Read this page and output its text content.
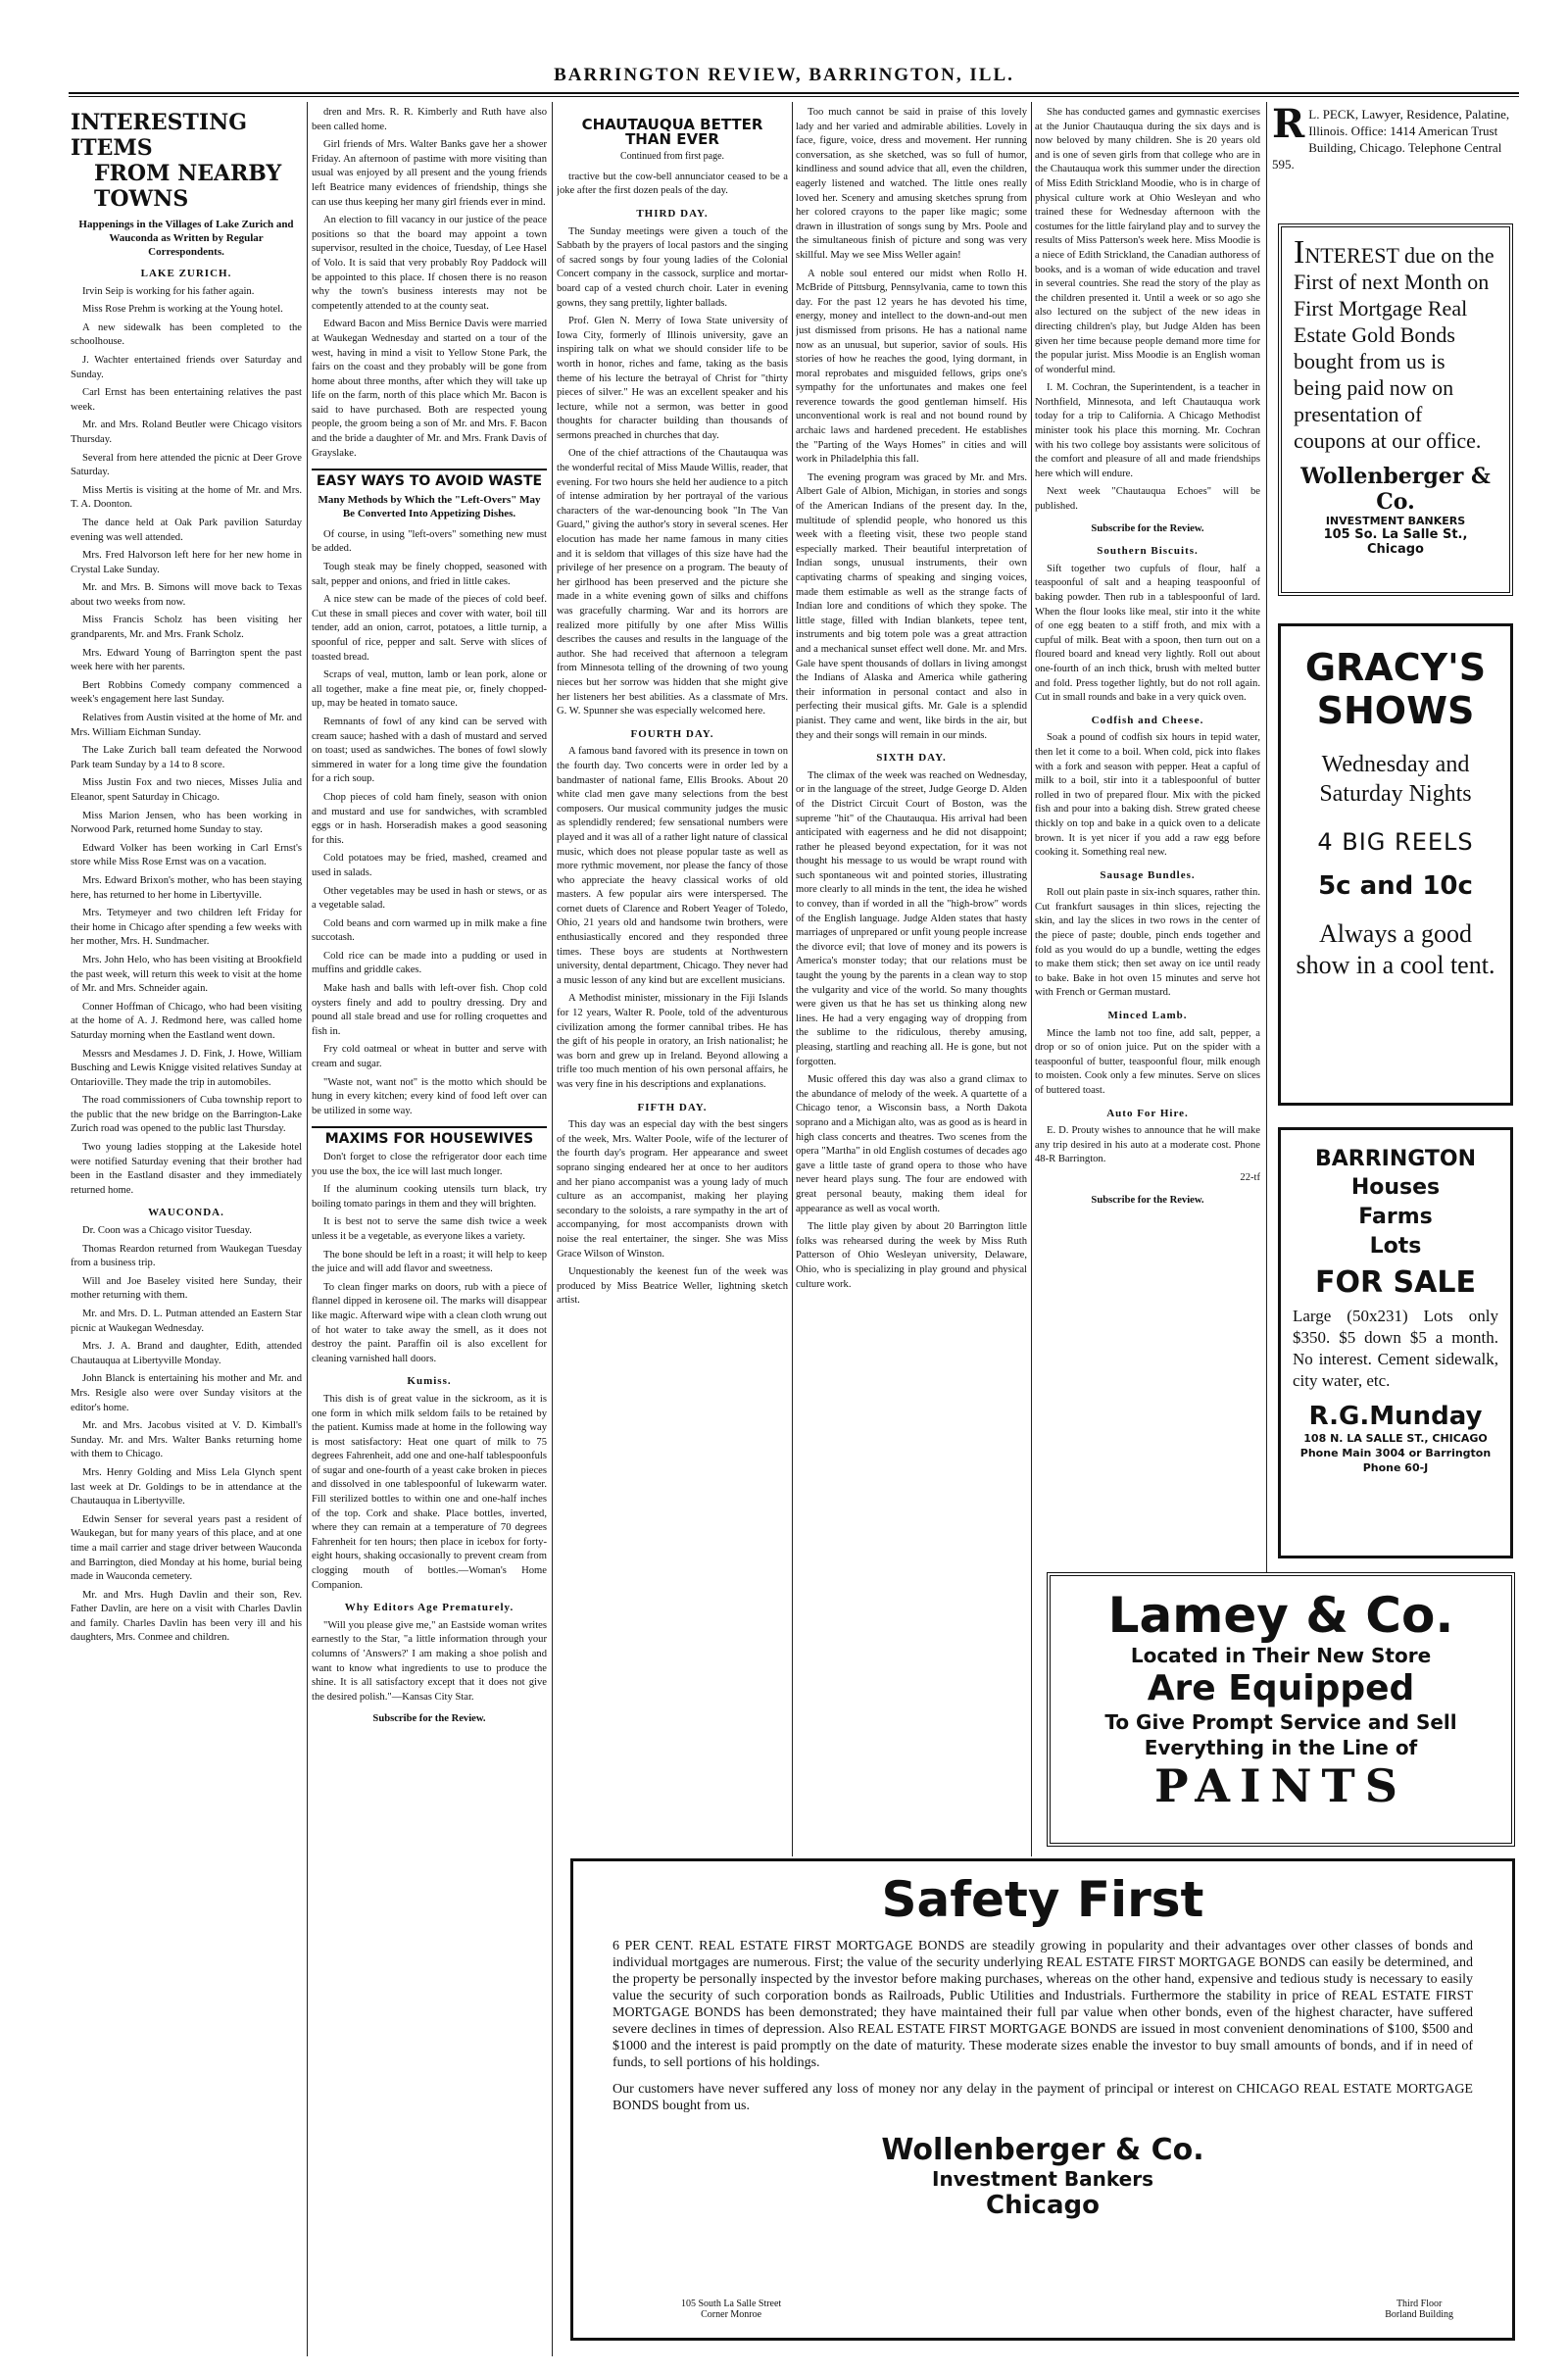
BARRINGTON REVIEW, BARRINGTON, ILL.
INTERESTING ITEMS
FROM NEARBY TOWNS
Happenings in the Villages of Lake Zurich and Wauconda as Written by Regular Correspondents.
LAKE ZURICH.

Irvin Seip is working for his father again.

Miss Rose Prehm is working at the Young hotel.

A new sidewalk has been completed to the schoolhouse.

J. Wachter entertained friends over Saturday and Sunday.

Carl Ernst has been entertaining relatives the past week.

Mr. and Mrs. Roland Beutler were Chicago visitors Thursday.

Several from here attended the picnic at Deer Grove Saturday.

Miss Mertis is visiting at the home of Mr. and Mrs. T. A. Doonton.

The dance held at Oak Park pavilion Saturday evening was well attended.

Mrs. Fred Halvorson left here for her new home in Crystal Lake Sunday.

Mr. and Mrs. B. Simons will move back to Texas about two weeks from now.

Miss Francis Scholz has been visiting her grandparents, Mr. and Mrs. Frank Scholz.

Mrs. Edward Young of Barrington spent the past week here with her parents.

Bert Robbins Comedy company commenced a week's engagement here last Sunday.

Relatives from Austin visited at the home of Mr. and Mrs. William Eichman Sunday.

The Lake Zurich ball team defeated the Norwood Park team Sunday by a 14 to 8 score.

Miss Justin Fox and two nieces, Misses Julia and Eleanor, spent Saturday in Chicago.

Miss Marion Jensen, who has been working in Norwood Park, returned home Sunday to stay.

Edward Volker has been working in Carl Ernst's store while Miss Rose Ernst was on a vacation.

Mrs. Edward Brixon's mother, who has been staying here, has returned to her home in Libertyville.

Mrs. Tetymeyer and two children left Friday for their home in Chicago after spending a few weeks with her mother, Mrs. H. Sundmacher.

Mrs. John Helo, who has been visiting at Brookfield the past week, will return this week to visit at the home of Mr. and Mrs. Schneider again.

Conner Hoffman of Chicago, who had been visiting at the home of A. J. Redmond here, was called home Saturday morning when the Eastland went down.

Messrs and Mesdames J. D. Fink, J. Howe, William Busching and Lewis Knigge visited relatives Sunday at Ontarioville. They made the trip in automobiles.

The road commissioners of Cuba township report to the public that the new bridge on the Barrington-Lake Zurich road was opened to the public last Thursday.

Two young ladies stopping at the Lakeside hotel were notified Saturday evening that their brother had been in the Eastland disaster and they immediately returned home.

WAUCONDA.

Dr. Coon was a Chicago visitor Tuesday.

Thomas Reardon returned from Waukegan Tuesday from a business trip.

Will and Joe Baseley visited here Sunday, their mother returning with them.

Mr. and Mrs. D. L. Putman attended an Eastern Star picnic at Waukegan Wednesday.

Mrs. J. A. Brand and daughter, Edith, attended Chautauqua at Libertyville Monday.

John Blanck is entertaining his mother and Mr. and Mrs. Resigle also were over Sunday visitors at the editor's home.

Mr. and Mrs. Jacobus visited at V. D. Kimball's Sunday. Mr. and Mrs. Walter Banks returning home with them to Chicago.

Mrs. Henry Golding and Miss Lela Glynch spent last week at Dr. Goldings to be in attendance at the Chautauqua in Libertyville.

Edwin Senser for several years past a resident of Waukegan, but for many years of this place, and at one time a mail carrier and stage driver between Wauconda and Barrington, died Monday at his home, burial being made in Wauconda cemetery.

Mr. and Mrs. Hugh Davlin and their son, Rev. Father Davlin, are here on a visit with Charles Davlin and family. Charles Davlin has been very ill and his daughters, Mrs. Conmee and children.

dren and Mrs. R. R. Kimberly and Ruth have also been called home.

Girl friends of Mrs. Walter Banks gave her a shower Friday. An afternoon of pastime with more visiting than usual was enjoyed by all present and the young friends left Beatrice many evidences of friendship, things she can use thus keeping her many girl friends ever in mind.

An election to fill vacancy in our justice of the peace positions so that the board may appoint a town supervisor, resulted in the choice, Tuesday, of Lee Hasel of Volo. It is said that very probably Roy Paddock will be appointed to this place. If chosen there is no reason why the town's business interests may not be competently attended to at the county seat.

Edward Bacon and Miss Bernice Davis were married at Waukegan Wednesday and started on a tour of the west, having in mind a visit to Yellow Stone Park, the fairs on the coast and they probably will be gone from home about three months, after which they will take up life on the farm, north of this place which Mr. Bacon is said to have purchased. Both are respected young people, the groom being a son of Mr. and Mrs. F. Bacon and the bride a daughter of Mr. and Mrs. Frank Davis of Grayslake.

EASY WAYS TO AVOID WASTE
Many Methods by Which the "Left-Overs" May Be Converted Into Appetizing Dishes.

Of course, in using "left-overs" something new must be added.

Tough steak may be finely chopped, seasoned with salt, pepper and onions, and fried in little cakes.

A nice stew can be made of the pieces of cold beef. Cut these in small pieces and cover with water, boil till tender, add an onion, carrot, potatoes, a little turnip, a spoonful of rice, pepper and salt. Serve with slices of toasted bread.

Scraps of veal, mutton, lamb or lean pork, alone or all together, make a fine meat pie, or, finely chopped-up, may be heated in tomato sauce.

Remnants of fowl of any kind can be served with cream sauce; hashed with a dash of mustard and served on toast; used as sandwiches. The bones of fowl slowly simmered in water for a long time give the foundation for a rich soup.

Chop pieces of cold ham finely, season with onion and mustard and use for sandwiches, with scrambled eggs or in hash. Horseradish makes a good seasoning for this.

Cold potatoes may be fried, mashed, creamed and used in salads.

Other vegetables may be used in hash or stews, or as a vegetable salad.

Cold beans and corn warmed up in milk make a fine succotash.

Cold rice can be made into a pudding or used in muffins and griddle cakes.

Make hash and balls with left-over fish. Chop cold oysters finely and add to poultry dressing. Dry and pound all stale bread and use for rolling croquettes and fish in.

Fry cold oatmeal or wheat in butter and serve with cream and sugar.

"Waste not, want not" is the motto which should be hung in every kitchen; every kind of food left over can be utilized in some way.

MAXIMS FOR HOUSEWIVES

Don't forget to close the refrigerator door each time you use the box, the ice will last much longer.

If the aluminum cooking utensils turn black, try boiling tomato parings in them and they will brighten.

It is best not to serve the same dish twice a week unless it be a vegetable, as everyone likes a variety.

The bone should be left in a roast; it will help to keep the juice and will add flavor and sweetness.

To clean finger marks on doors, rub with a piece of flannel dipped in kerosene oil. The marks will disappear like magic. Afterward wipe with a clean cloth wrung out of hot water to take away the smell, as it does not destroy the paint. Paraffin oil is also excellent for cleaning varnished hall doors.

Kumiss.

This dish is of great value in the sickroom, as it is one form in which milk seldom fails to be retained by the patient. Kumiss made at home in the following way is most satisfactory: Heat one quart of milk to 75 degrees Fahrenheit, add one and one-half tablespoonfuls of sugar and one-fourth of a yeast cake broken in pieces and dissolved in one tablespoonful of lukewarm water. Fill sterilized bottles to within one and one-half inches of the top. Cork and shake. Place bottles, inverted, where they can remain at a temperature of 70 degrees Fahrenheit for ten hours; then place in icebox for forty-eight hours, shaking occasionally to prevent cream from clogging mouth of bottles.—Woman's Home Companion.

Why Editors Age Prematurely.

"Will you please give me," an Eastside woman writes earnestly to the Star, "a little information through your columns of 'Answers?' I am making a shoe polish and want to know what ingredients to use to produce the shine. It is all satisfactory except that it does not give the desired polish."—Kansas City Star.

Subscribe for the Review.
CHAUTAUQUA BETTER THAN EVER
Continued from first page.

tractive but the cow-bell annunciator ceased to be a joke after the first dozen peals of the day.

THIRD DAY.

The Sunday meetings were given a touch of the Sabbath by the prayers of local pastors and the singing of sacred songs by four young ladies of the Colonial Concert company in the cassock, surplice and mortar-board cap of a vested church choir. Later in evening gowns, they sang prettily, lighter ballads.

Prof. Glen N. Merry of Iowa State university of Iowa City, formerly of Illinois university, gave an inspiring talk on what we should consider life to be worth in honor, riches and fame, taking as the basis theme of his lecture the betrayal of Christ for "thirty pieces of silver." He was an excellent speaker and his lecture, while not a sermon, was better in good thoughts for character building than thousands of sermons preached in churches that day.

One of the chief attractions of the Chautauqua was the wonderful recital of Miss Maude Willis, reader, that evening. For two hours she held her audience to a pitch of intense admiration by her portrayal of the various characters of the war-denouncing book "In The Van Guard," giving the author's story in several scenes. Her elocution has made her name famous in many cities and it is seldom that villages of this size have had the privilege of her presence on a program. The beauty of her girlhood has been preserved and the picture she made in a white evening gown of silks and chiffons was gracefully charming. War and its horrors are realized more pitifully by one after Miss Willis describes the causes and results in the language of the author. She had received that afternoon a telegram from Minnesota telling of the drowning of two young nieces but her sorrow was hidden that she might give her listeners her best abilities. As a classmate of Mrs. G. W. Spunner she was especially welcomed here.

FOURTH DAY.

A famous band favored with its presence in town on the fourth day. Two concerts were in order led by a bandmaster of national fame, Ellis Brooks. About 20 white clad men gave many selections from the best composers. Our musical community judges the music as splendidly rendered; few sensational numbers were played and it was all of a rather light nature of classical music, which does not please popular taste as well as more rythmic movement, nor please the fancy of those who appreciate the heavy classical works of old masters. A few popular airs were interspersed. The cornet duets of Clarence and Robert Yeager of Toledo, Ohio, 21 years old and handsome twin brothers, were enthusiastically encored and they responded three times. These boys are students at Northwestern university, dental department, Chicago. They never had a music lesson of any kind but are excellent musicians.

A Methodist minister, missionary in the Fiji Islands for 12 years, Walter R. Poole, told of the adventurous civilization among the former cannibal tribes. He has the gift of his people in oratory, an Irish nationalist; he was born and grew up in Ireland. Beyond allowing a trifle too much mention of his own personal affairs, he was very fine in his descriptions and explanations.

FIFTH DAY.

This day was an especial day with the best singers of the week, Mrs. Walter Poole, wife of the lecturer of the fourth day's program. Her appearance and sweet soprano singing endeared her at once to her auditors and her piano accompanist was a young lady of much culture as an accompanist, making her playing secondary to the soloists, a rare sympathy in the art of accompanying, for most accompanists drown with noise the real entertainer, the singer. She was Miss Grace Wilson of Winston.

Unquestionably the keenest fun of the week was produced by Miss Beatrice Weller, lightning sketch artist.

Too much cannot be said in praise of this lovely lady and her varied and admirable abilities. Lovely in face, figure, voice, dress and movement. Her running conversation, as she sketched, was so full of humor, kindliness and sound advice that all, even the children, eagerly listened and watched. The little ones really loved her. Scenery and amusing sketches sprung from her colored crayons to the paper like magic; some drawn in illustration of songs sung by Mrs. Poole and the simultaneous finish of picture and song was very skillful. May we see Miss Weller again!

A noble soul entered our midst when Rollo H. McBride of Pittsburg, Pennsylvania, came to town this day. For the past 12 years he has devoted his time, energy, money and intellect to the down-and-out men just dismissed from prisons. He has a national name now as an unusual, but superior, savior of souls. His stories of how he reaches the good, lying dormant, in moral reprobates and misguided fellows, grips one's sympathy for the unfortunates and makes one feel reverence towards the good gentleman himself. His unconventional work is real and not bound round by archaic laws and hardened precedent. He establishes the "Parting of the Ways Homes" in cities and will work in Philadelphia this fall.

The evening program was graced by Mr. and Mrs. Albert Gale of Albion, Michigan, in stories and songs of the American Indians of the present day. In the, multitude of splendid people, who honored us this week with a fleeting visit, these two people stand especially marked. Their beautiful interpretation of Indian songs, unusual instruments, their own captivating charms of speaking and singing voices, made them estimable as well as the strange facts of Indian lore and conditions of which they spoke. The little stage, filled with Indian blankets, tepee tent, instruments and big totem pole was a great attraction and a mechanical sunset effect well done. Mr. and Mrs. Gale have spent thousands of dollars in living amongst the Indians of Alaska and America while gathering their information in personal contact and also in perfecting their musical gifts. Mr. Gale is a splendid pianist. They came and went, like birds in the air, but they and their songs will remain in our minds.

SIXTH DAY.

The climax of the week was reached on Wednesday, or in the language of the street, Judge George D. Alden of the District Circuit Court of Boston, was the supreme "hit" of the Chautauqua. His arrival had been anticipated with eagerness and he did not disappoint; rather he pleased beyond expectation, for it was not thought his message to us would be wrapt round with such spontaneous wit and pointed stories, illustrating more clearly to all minds in the tent, the idea he wished to convey, than if worded in all the "high-brow" words of the English language. Judge Alden states that hasty marriages of unprepared or unfit young people increase the divorce evil; that love of money and its powers is America's monster today; that our relations must be taught the young by the parents in a clean way to stop the vulgarity and vice of the world. So many thoughts were given us that he has set us thinking along new lines. He had a very engaging way of dropping from the sublime to the ridiculous, thereby amusing, pleasing, startling and reaching all. He is gone, but not forgotten.

Music offered this day was also a grand climax to the abundance of melody of the week. A quartette of a Chicago tenor, a Wisconsin bass, a North Dakota soprano and a Michigan alto, was as good as is heard in high class concerts and theatres. Two scenes from the opera "Martha" in old English costumes of decades ago gave a little taste of grand opera to those who have never heard plays sung. The four are endowed with great personal beauty, making them ideal for appearance as well as vocal worth.

The little play given by about 20 Barrington little folks was rehearsed during the week by Miss Ruth Patterson of Ohio Wesleyan university, Delaware, Ohio, who is specializing in play ground and physical culture work.

She has conducted games and gymnastic exercises at the Junior Chautauqua during the six days and is now beloved by many children. She is 20 years old and is one of seven girls from that college who are in the Chautauqua work this summer under the direction of Miss Edith Strickland Moodie, who is in charge of physical culture work at Ohio Wesleyan and who trained these for Wednesday afternoon with the costumes for the little fairyland play and to survey the results of Miss Patterson's week here. Miss Moodie is a niece of Edith Strickland, the Canadian authoress of books, and is a woman of wide education and travel in several countries. She read the story of the play as the children presented it. Until a week or so ago she also lectured on the subject of the new ideas in directing children's play, but Judge Alden has been given her time because people demand more time for the popular jurist. Miss Moodie is an English woman of wonderful mind.

I. M. Cochran, the Superintendent, is a teacher in Northfield, Minnesota, and left Chautauqua work today for a trip to California. A Chicago Methodist minister took his place this morning. Mr. Cochran with his two college boy assistants were solicitous of the comfort and pleasure of all and made friendships here which will endure.

Next week "Chautauqua Echoes" will be published.

Subscribe for the Review.
Southern Biscuits.

Sift together two cupfuls of flour, half a teaspoonful of salt and a heaping teaspoonful of baking powder. Then rub in a tablespoonful of lard. When the flour looks like meal, stir into it the white of one egg beaten to a stiff froth, and mix with a cupful of milk. Beat with a spoon, then turn out on a floured board and knead very lightly. Roll out about one-fourth of an inch thick, brush with melted butter and fold. Press together lightly, but do not roll again. Cut in small rounds and bake in a very quick oven.

Codfish and Cheese.

Soak a pound of codfish six hours in tepid water, then let it come to a boil. When cold, pick into flakes with a fork and season with pepper. Heat a capful of milk to a boil, stir into it a tablespoonful of butter rolled in two of prepared flour. Mix with the picked fish and pour into a baking dish. Strew grated cheese thickly on top and bake in a quick oven to a delicate brown. It is yet nicer if you add a raw egg before cooking it. Something real new.

Sausage Bundles.

Roll out plain paste in six-inch squares, rather thin. Cut frankfurt sausages in thin slices, rejecting the skin, and lay the slices in two rows in the center of the piece of paste; double, pinch ends together and fold as you would do up a bundle, wetting the edges to make them stick; then set away on ice until ready to bake. Bake in hot oven 15 minutes and serve hot with French or German mustard.

Minced Lamb.

Mince the lamb not too fine, add salt, pepper, a drop or so of onion juice. Put on the spider with a teaspoonful of butter, teaspoonful flour, milk enough to moisten. Cook only a few minutes. Serve on slices of buttered toast.

Auto For Hire.

E. D. Prouty wishes to announce that he will make any trip desired in his auto at a moderate cost. Phone 48-R Barrington.

22-tf
Subscribe for the Review.
R L. PECK, Lawyer, Residence, Palatine, Illinois. Office: 1414 American Trust Building, Chicago. Telephone Central 595.
INTEREST due on the First of next Month on First Mortgage Real Estate Gold Bonds bought from us is being paid now on presentation of coupons at our office.
Wollenberger & Co.
INVESTMENT BANKERS
105 So. La Salle St., Chicago
GRACY'S
SHOWS
Wednesday and Saturday Nights
4 BIG REELS
5c and 10c
Always a good show in a cool tent.
BARRINGTON
Houses
Farms
Lots
FOR SALE
Large (50x231) Lots only $350. $5 down $5 a month. No interest. Cement sidewalk, city water, etc.
R.G.Munday
108 N. LA SALLE ST., CHICAGO
Phone Main 3004 or Barrington
Phone 60-J
Lamey & Co.
Located in Their New Store
Are Equipped
To Give Prompt Service and Sell
Everything in the Line of
PAINTS
Safety First
6 PER CENT. REAL ESTATE FIRST MORTGAGE BONDS are steadily growing in popularity and their advantages over other classes of bonds and individual mortgages are numerous. First; the value of the security underlying REAL ESTATE FIRST MORTGAGE BONDS can easily be determined, and the property be personally inspected by the investor before making purchases, whereas on the other hand, expensive and tedious study is necessary to easily value the security of such corporation bonds as Railroads, Public Utilities and Industrials. Furthermore the stability in price of REAL ESTATE FIRST MORTGAGE BONDS has been demonstrated; they have maintained their full par value when other bonds, even of the highest character, have suffered severe declines in times of depression. Also REAL ESTATE FIRST MORTGAGE BONDS are issued in most convenient denominations of $100, $500 and $1000 and the interest is paid promptly on the date of maturity. These moderate sizes enable the investor to buy small amounts of bonds, and if in need of funds, to sell portions of his holdings.
Our customers have never suffered any loss of money nor any delay in the payment of principal or interest on CHICAGO REAL ESTATE MORTGAGE BONDS bought from us.
Wollenberger & Co.
Investment Bankers
Chicago
105 South La Salle Street
Corner Monroe
Third Floor
Borland Building
